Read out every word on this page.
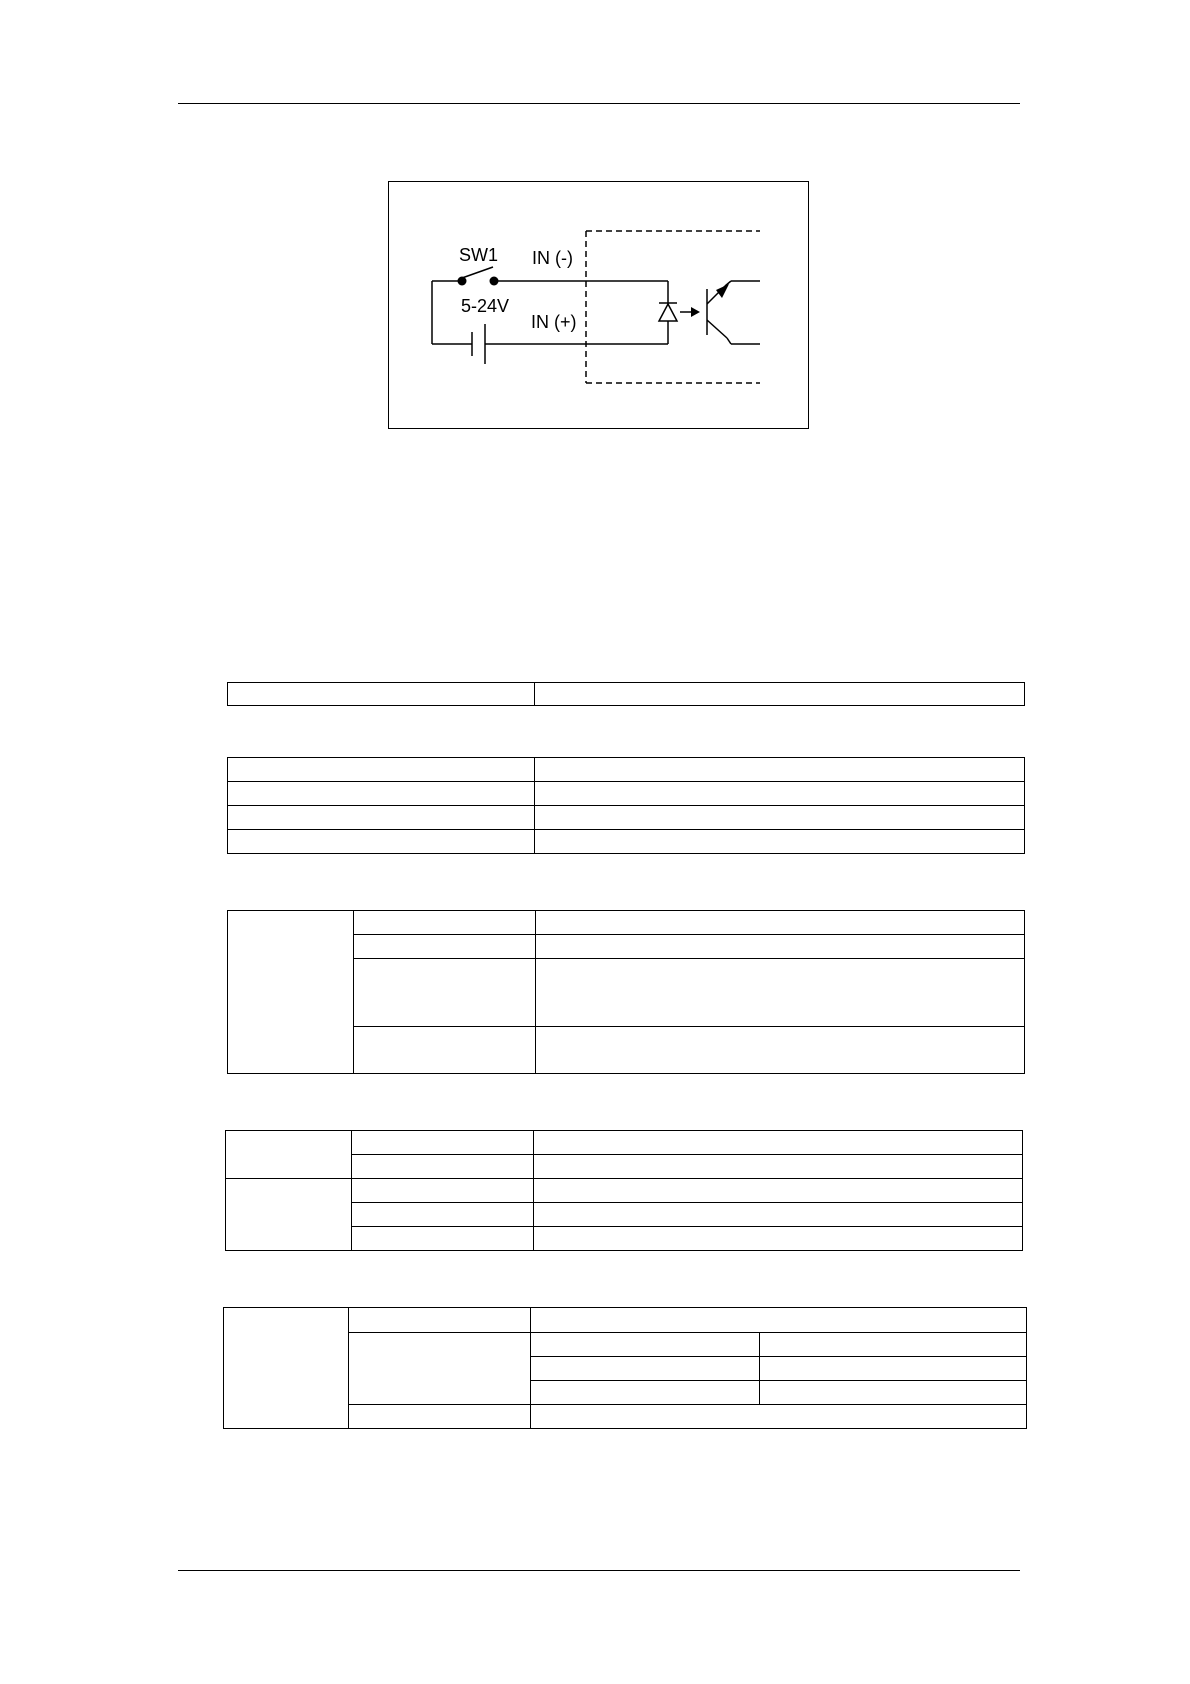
SW1
5-24V
IN (-)
IN (+)
